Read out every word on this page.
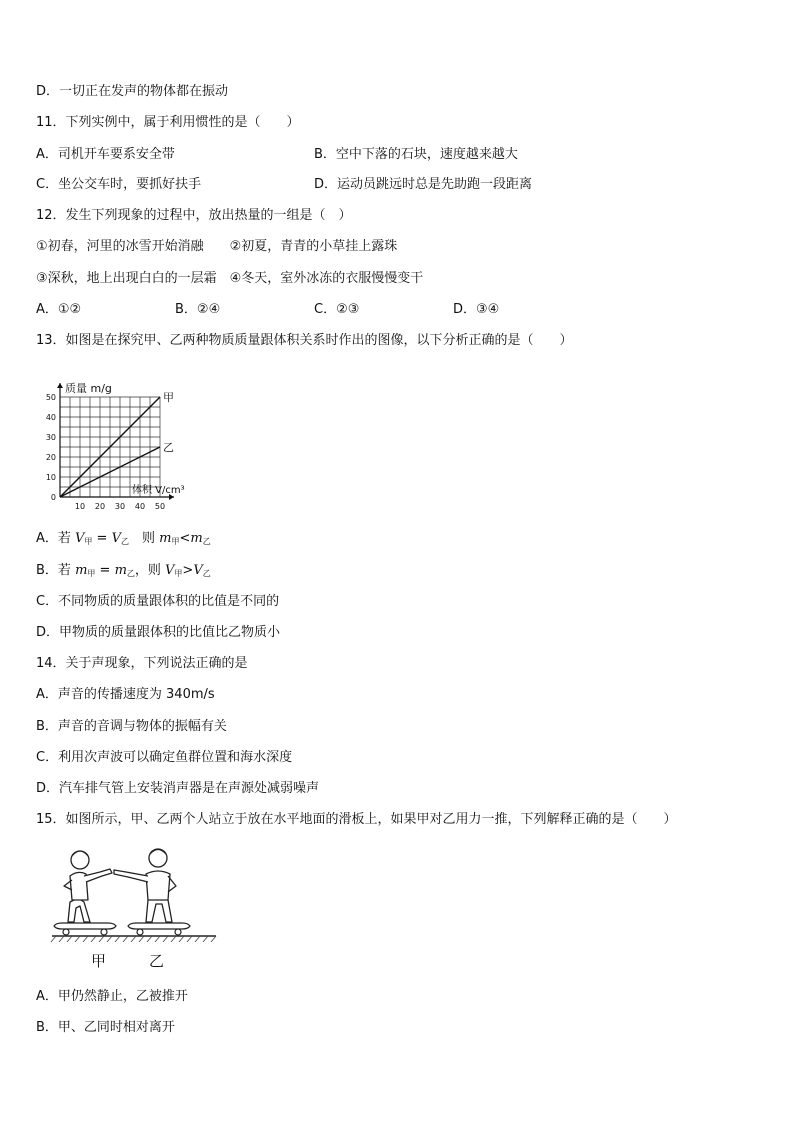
D．一切正在发声的物体都在振动
11．下列实例中，属于利用惯性的是（　　）
A．司机开车要系安全带	B．空中下落的石块，速度越来越大
C．坐公交车时，要抓好扶手	D．运动员跳远时总是先助跑一段距离
12．发生下列现象的过程中，放出热量的一组是（　）
①初春，河里的冰雪开始消融　　②初夏，青青的小草挂上露珠
③深秋，地上出现白白的一层霜　④冬天，室外冰冻的衣服慢慢变干
A．①②	B．②④	C．②③	D．③④
13．如图是在探究甲、乙两种物质质量跟体积关系时作出的图像，以下分析正确的是（　　）
10 20 30 40 50
0
10
20
30
40
50	甲
乙
质量 m/g
体积 V/cm³
A．若 $V_甲 = V_乙$　则 $m_甲<m_乙$
B．若 $m_甲 = m_乙$，则 $V_甲>V_乙$
C．不同物质的质量跟体积的比值是不同的
D．甲物质的质量跟体积的比值比乙物质小
14．关于声现象，下列说法正确的是
A．声音的传播速度为 340m/s
B．声音的音调与物体的振幅有关
C．利用次声波可以确定鱼群位置和海水深度
D．汽车排气管上安装消声器是在声源处减弱噪声
15．如图所示，甲、乙两个人站立于放在水平地面的滑板上，如果甲对乙用力一推，下列解释正确的是（　　）
甲	乙
A．甲仍然静止，乙被推开
B．甲、乙同时相对离开
